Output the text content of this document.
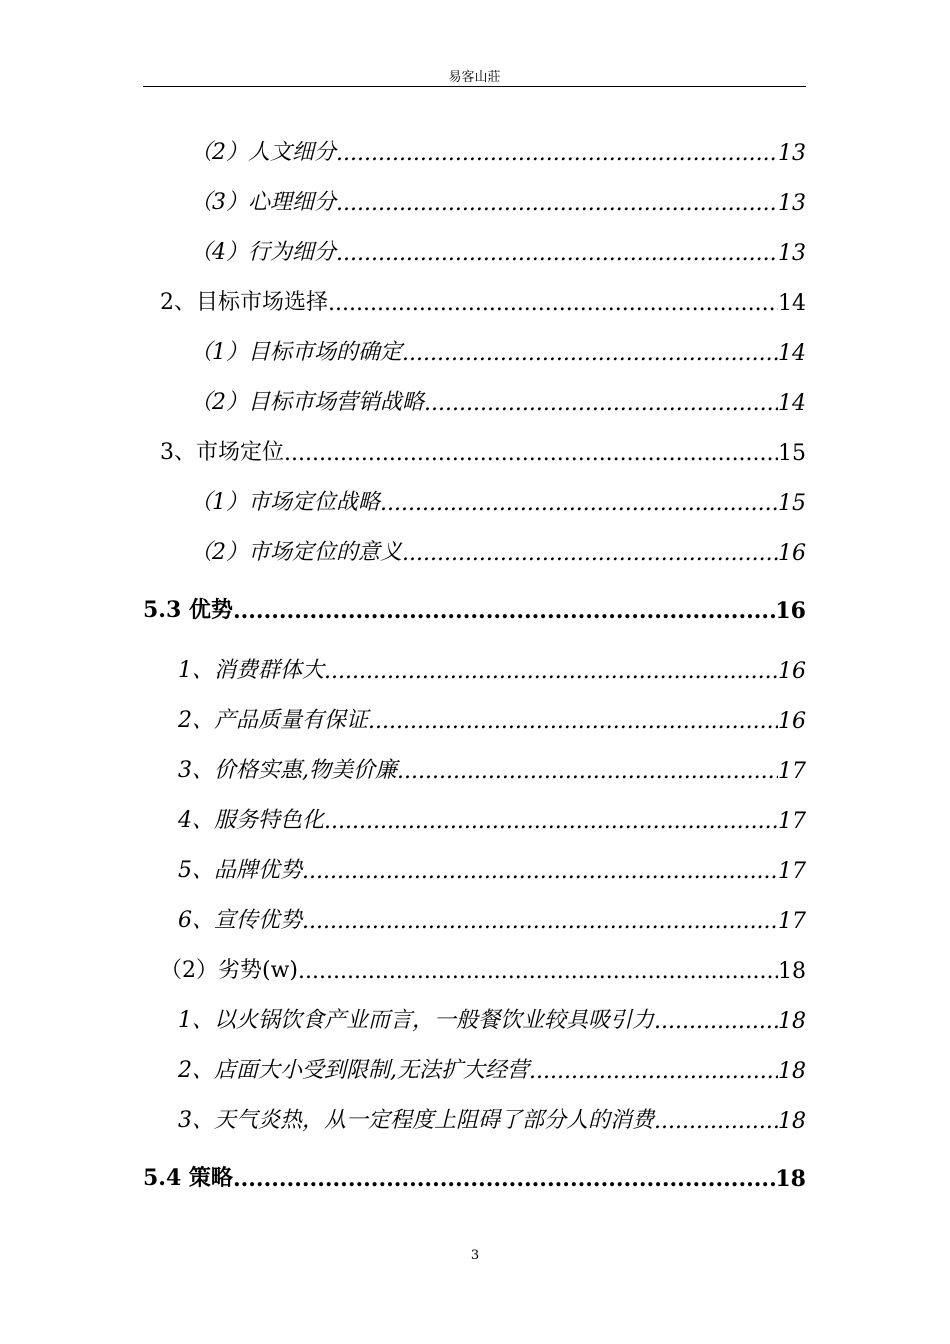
易客山莊
（2）人文细分 .....	13
（3）心理细分 .....	13
（4）行为细分 .....	13
2、目标市场选择 .....	14
（1）目标市场的确定 .....	14
（2）目标市场营销战略 .....	14
3、市场定位 .....	15
（1）市场定位战略 .....	15
（2）市场定位的意义 .....	16
5.3 优势 .....	16
1、消费群体大 .....	16
2、产品质量有保证 .....	16
3、价格实惠,物美价廉 .....	17
4、服务特色化 .....	17
5、品牌优势 .....	17
6、宣传优势 .....	17
（2）劣势(w) .....	18
1、以火锅饮食产业而言，一般餐饮业较具吸引力 .....	18
2、店面大小受到限制,无法扩大经营 .....	18
3、天气炎热，从一定程度上阻碍了部分人的消费 .....	18
5.4 策略 .....	18
3
